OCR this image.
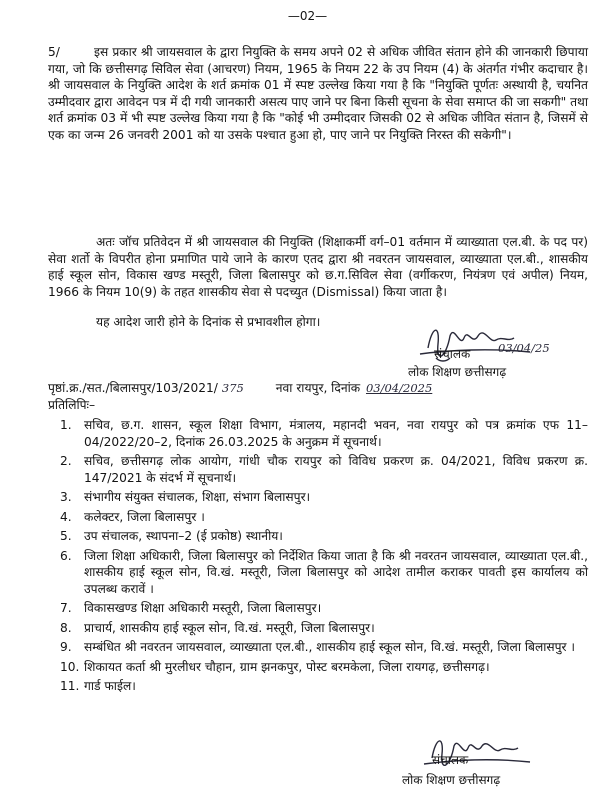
—02—
5/	इस प्रकार श्री जायसवाल के द्वारा नियुक्ति के समय अपने 02 से अधिक जीवित संतान होने की जानकारी छिपाया गया, जो कि छत्तीसगढ़ सिविल सेवा (आचरण) नियम, 1965 के नियम 22 के उप नियम (4) के अंतर्गत गंभीर कदाचार है। श्री जायसवाल के नियुक्ति आदेश के शर्त क्रमांक 01 में स्पष्ट उल्लेख किया गया है कि "नियुक्ति पूर्णतः अस्थायी है, चयनित उम्मीदवार द्वारा आवेदन पत्र में दी गयी जानकारी असत्य पाए जाने पर बिना किसी सूचना के सेवा समाप्त की जा सकगी" तथा शर्त क्रमांक 03 में भी स्पष्ट उल्लेख किया गया है कि "कोई भी उम्मीदवार जिसकी 02 से अधिक जीवित संतान है, जिसमें से एक का जन्म 26 जनवरी 2001 को या उसके पश्चात हुआ हो, पाए जाने पर नियुक्ति निरस्त की सकेगी"।
अतः जॉच प्रतिवेदन में श्री जायसवाल की नियुक्ति (शिक्षाकर्मी वर्ग–01 वर्तमान में व्याख्याता एल.बी. के पद पर) सेवा शर्तो के विपरीत होना प्रमाणित पाये जाने के कारण एतद द्वारा श्री नवरतन जायसवाल, व्याख्याता एल.बी., शासकीय हाई स्कूल सोन, विकास खण्ड मस्तूरी, जिला बिलासपुर को छ.ग.सिविल सेवा (वर्गीकरण, नियंत्रण एवं अपील) नियम, 1966 के नियम 10(9) के तहत शासकीय सेवा से पदच्युत (Dismissal) किया जाता है।
यह आदेश जारी होने के दिनांक से प्रभावशील होगा।
03/04/25
संचालक
लोक शिक्षण छत्तीसगढ़
पृष्ठां.क्र./सत./बिलासपुर/103/2021/ 375	नवा रायपुर, दिनांक 03/04/2025
प्रतिलिपिः–
1. सचिव, छ.ग. शासन, स्कूल शिक्षा विभाग, मंत्रालय, महानदी भवन, नवा रायपुर को पत्र क्रमांक एफ 11–04/2022/20–2, दिनांक 26.03.2025 के अनुक्रम में सूचनार्थ।
2. सचिव, छत्तीसगढ़ लोक आयोग, गांधी चौक रायपुर को विविध प्रकरण क्र. 04/2021, विविध प्रकरण क्र. 147/2021 के संदर्भ में सूचनार्थ।
3. संभागीय संयुक्त संचालक, शिक्षा, संभाग बिलासपुर।
4. कलेक्टर, जिला बिलासपुर ।
5. उप संचालक, स्थापना–2 (ई प्रकोष्ठ) स्थानीय।
6. जिला शिक्षा अधिकारी, जिला बिलासपुर को निर्देशित किया जाता है कि श्री नवरतन जायसवाल, व्याख्याता एल.बी., शासकीय हाई स्कूल सोन, वि.खं. मस्तूरी, जिला बिलासपुर को आदेश तामील कराकर पावती इस कार्यालय को उपलब्ध करावें ।
7. विकासखण्ड शिक्षा अधिकारी मस्तूरी, जिला बिलासपुर।
8. प्राचार्य, शासकीय हाई स्कूल सोन, वि.खं. मस्तूरी, जिला बिलासपुर।
9. सम्बंधित श्री नवरतन जायसवाल, व्याख्याता एल.बी., शासकीय हाई स्कूल सोन, वि.खं. मस्तूरी, जिला बिलासपुर ।
10. शिकायत कर्ता श्री मुरलीधर चौहान, ग्राम झनकपुर, पोस्ट बरमकेला, जिला रायगढ़, छत्तीसगढ़।
11. गार्ड फाईल।
संचालक
लोक शिक्षण छत्तीसगढ़
